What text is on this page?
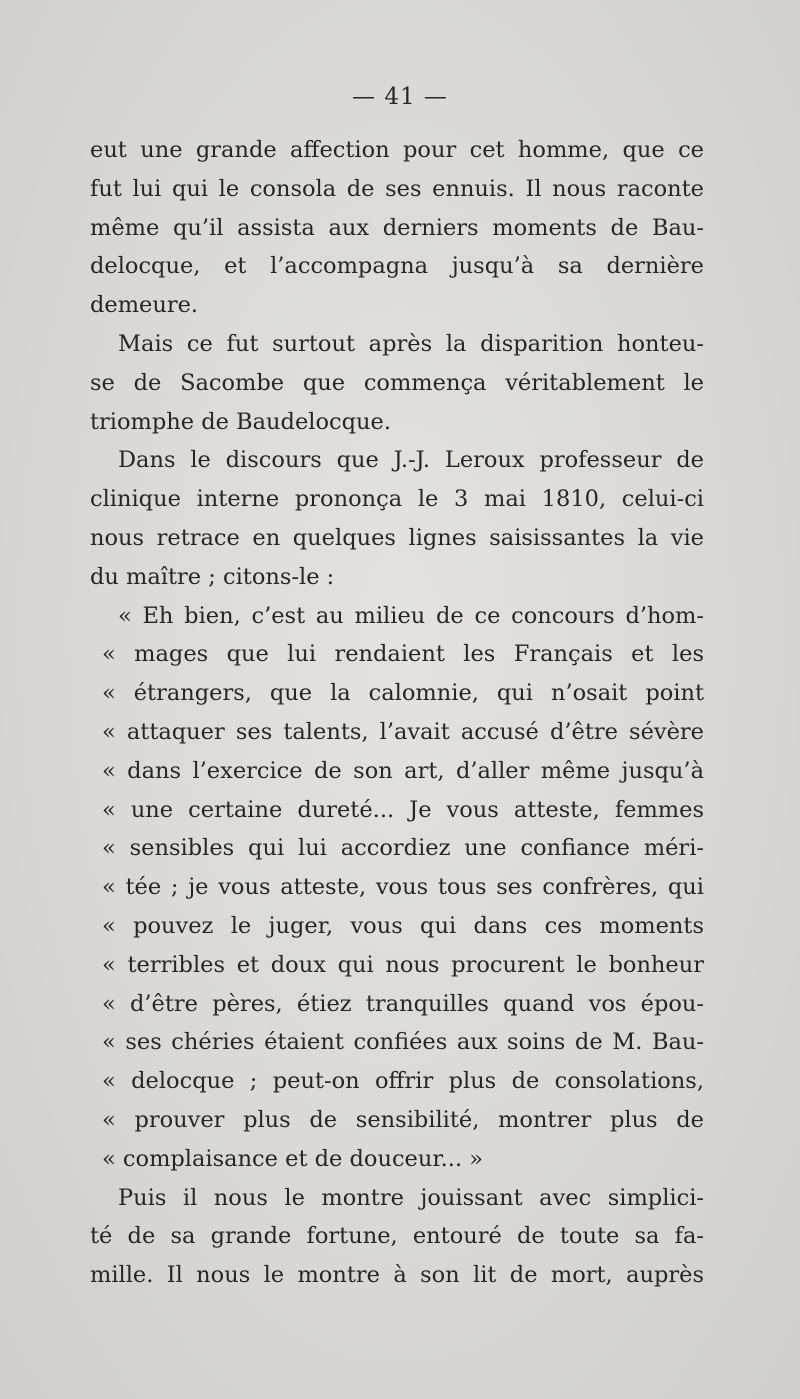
— 41 —
eut une grande affection pour cet homme, que ce
fut lui qui le consola de ses ennuis. Il nous raconte
même qu’il assista aux derniers moments de Bau-
delocque, et l’accompagna jusqu’à sa dernière
demeure.
Mais ce fut surtout après la disparition honteu-
se de Sacombe que commença véritablement le
triomphe de Baudelocque.
Dans le discours que J.-J. Leroux professeur de
clinique interne prononça le 3 mai 1810, celui-ci
nous retrace en quelques lignes saisissantes la vie
du maître ; citons-le :
« Eh bien, c’est au milieu de ce concours d’hom-
« mages que lui rendaient les Français et les
« étrangers, que la calomnie, qui n’osait point
« attaquer ses talents, l’avait accusé d’être sévère
« dans l’exercice de son art, d’aller même jusqu’à
« une certaine dureté... Je vous atteste, femmes
« sensibles qui lui accordiez une confiance méri-
« tée ; je vous atteste, vous tous ses confrères, qui
« pouvez le juger, vous qui dans ces moments
« terribles et doux qui nous procurent le bonheur
« d’être pères, étiez tranquilles quand vos épou-
« ses chéries étaient confiées aux soins de M. Bau-
« delocque ; peut-on offrir plus de consolations,
« prouver plus de sensibilité, montrer plus de
« complaisance et de douceur... »
Puis il nous le montre jouissant avec simplici-
té de sa grande fortune, entouré de toute sa fa-
mille. Il nous le montre à son lit de mort, auprès
